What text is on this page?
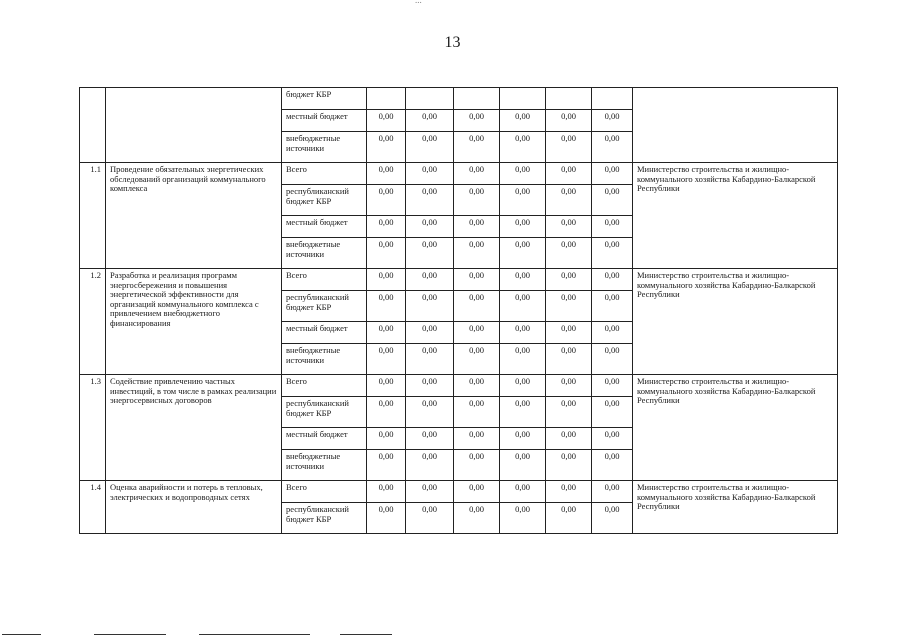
...
13
		бюджет КБР							
		местный бюджет	0,00	0,00	0,00	0,00	0,00	0,00	
		внебюджетные источники	0,00	0,00	0,00	0,00	0,00	0,00	
1.1	Проведение обязательных энергетических обследований организаций коммунального комплекса	Всего	0,00	0,00	0,00	0,00	0,00	0,00	Министерство строительства и жилищно-коммунального хозяйства Кабардино-Балкарской Республики
		республиканский бюджет КБР	0,00	0,00	0,00	0,00	0,00	0,00	
		местный бюджет	0,00	0,00	0,00	0,00	0,00	0,00	
		внебюджетные источники	0,00	0,00	0,00	0,00	0,00	0,00	
1.2	Разработка и реализация программ энергосбережения и повышения энергетической эффективности для организаций коммунального комплекса с привлечением внебюджетного финансирования	Всего	0,00	0,00	0,00	0,00	0,00	0,00	Министерство строительства и жилищно-коммунального хозяйства Кабардино-Балкарской Республики
		республиканский бюджет КБР	0,00	0,00	0,00	0,00	0,00	0,00	
		местный бюджет	0,00	0,00	0,00	0,00	0,00	0,00	
		внебюджетные источники	0,00	0,00	0,00	0,00	0,00	0,00	
1.3	Содействие привлечению частных инвестиций, в том числе в рамках реализации энергосервисных договоров	Всего	0,00	0,00	0,00	0,00	0,00	0,00	Министерство строительства и жилищно-коммунального хозяйства Кабардино-Балкарской Республики
		республиканский бюджет КБР	0,00	0,00	0,00	0,00	0,00	0,00	
		местный бюджет	0,00	0,00	0,00	0,00	0,00	0,00	
		внебюджетные источники	0,00	0,00	0,00	0,00	0,00	0,00	
1.4	Оценка аварийности и потерь в тепловых, электрических и водопроводных сетях	Всего	0,00	0,00	0,00	0,00	0,00	0,00	Министерство строительства и жилищно-коммунального хозяйства Кабардино-Балкарской Республики
		республиканский бюджет КБР	0,00	0,00	0,00	0,00	0,00	0,00	
